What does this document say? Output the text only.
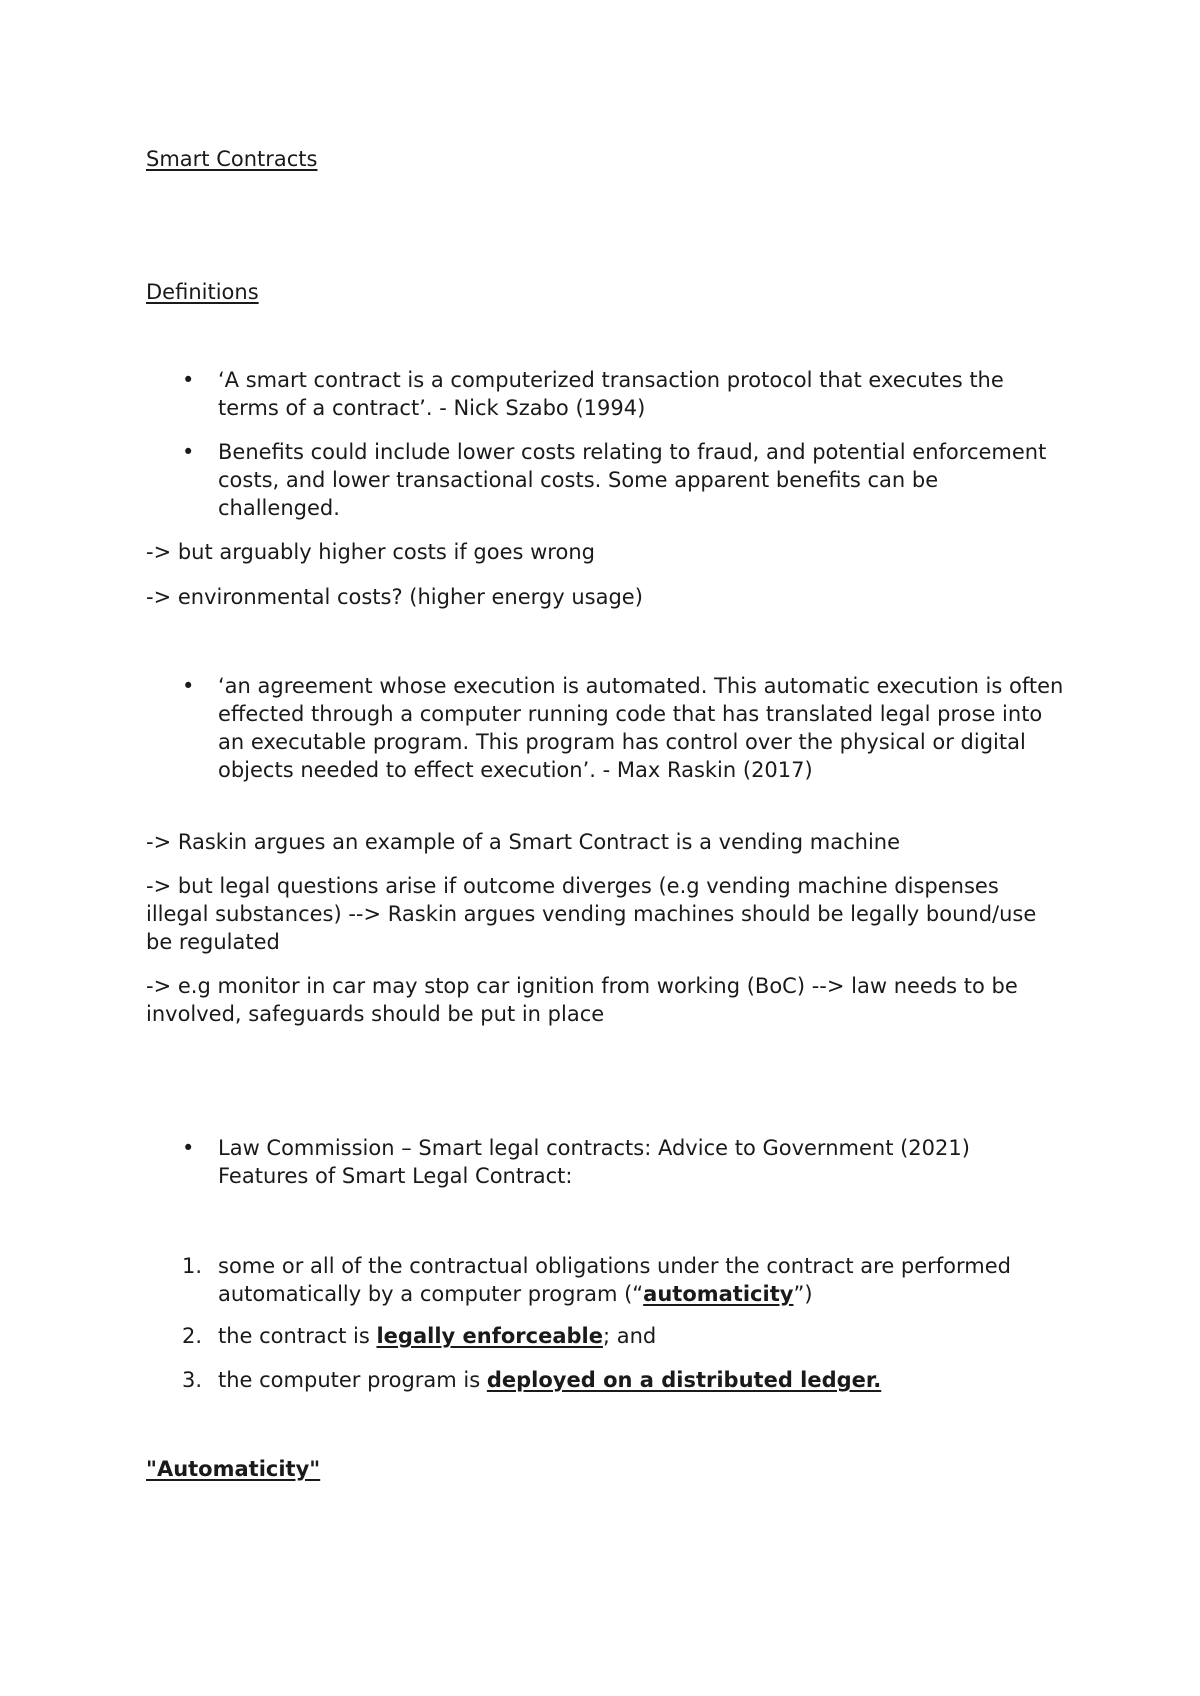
Smart Contracts

Definitions

• ‘A smart contract is a computerized transaction protocol that executes the terms of a contract’. - Nick Szabo (1994)
• Benefits could include lower costs relating to fraud, and potential enforcement costs, and lower transactional costs. Some apparent benefits can be challenged.

-> but arguably higher costs if goes wrong

-> environmental costs? (higher energy usage)

• ‘an agreement whose execution is automated. This automatic execution is often effected through a computer running code that has translated legal prose into an executable program. This program has control over the physical or digital objects needed to effect execution’. - Max Raskin (2017)

-> Raskin argues an example of a Smart Contract is a vending machine

-> but legal questions arise if outcome diverges (e.g vending machine dispenses illegal substances) --> Raskin argues vending machines should be legally bound/use be regulated

-> e.g monitor in car may stop car ignition from working (BoC) --> law needs to be involved, safeguards should be put in place

• Law Commission – Smart legal contracts: Advice to Government (2021)
Features of Smart Legal Contract:
1. some or all of the contractual obligations under the contract are performed automatically by a computer program (“automaticity”)
2. the contract is legally enforceable; and
3. the computer program is deployed on a distributed ledger.

"Automaticity"
